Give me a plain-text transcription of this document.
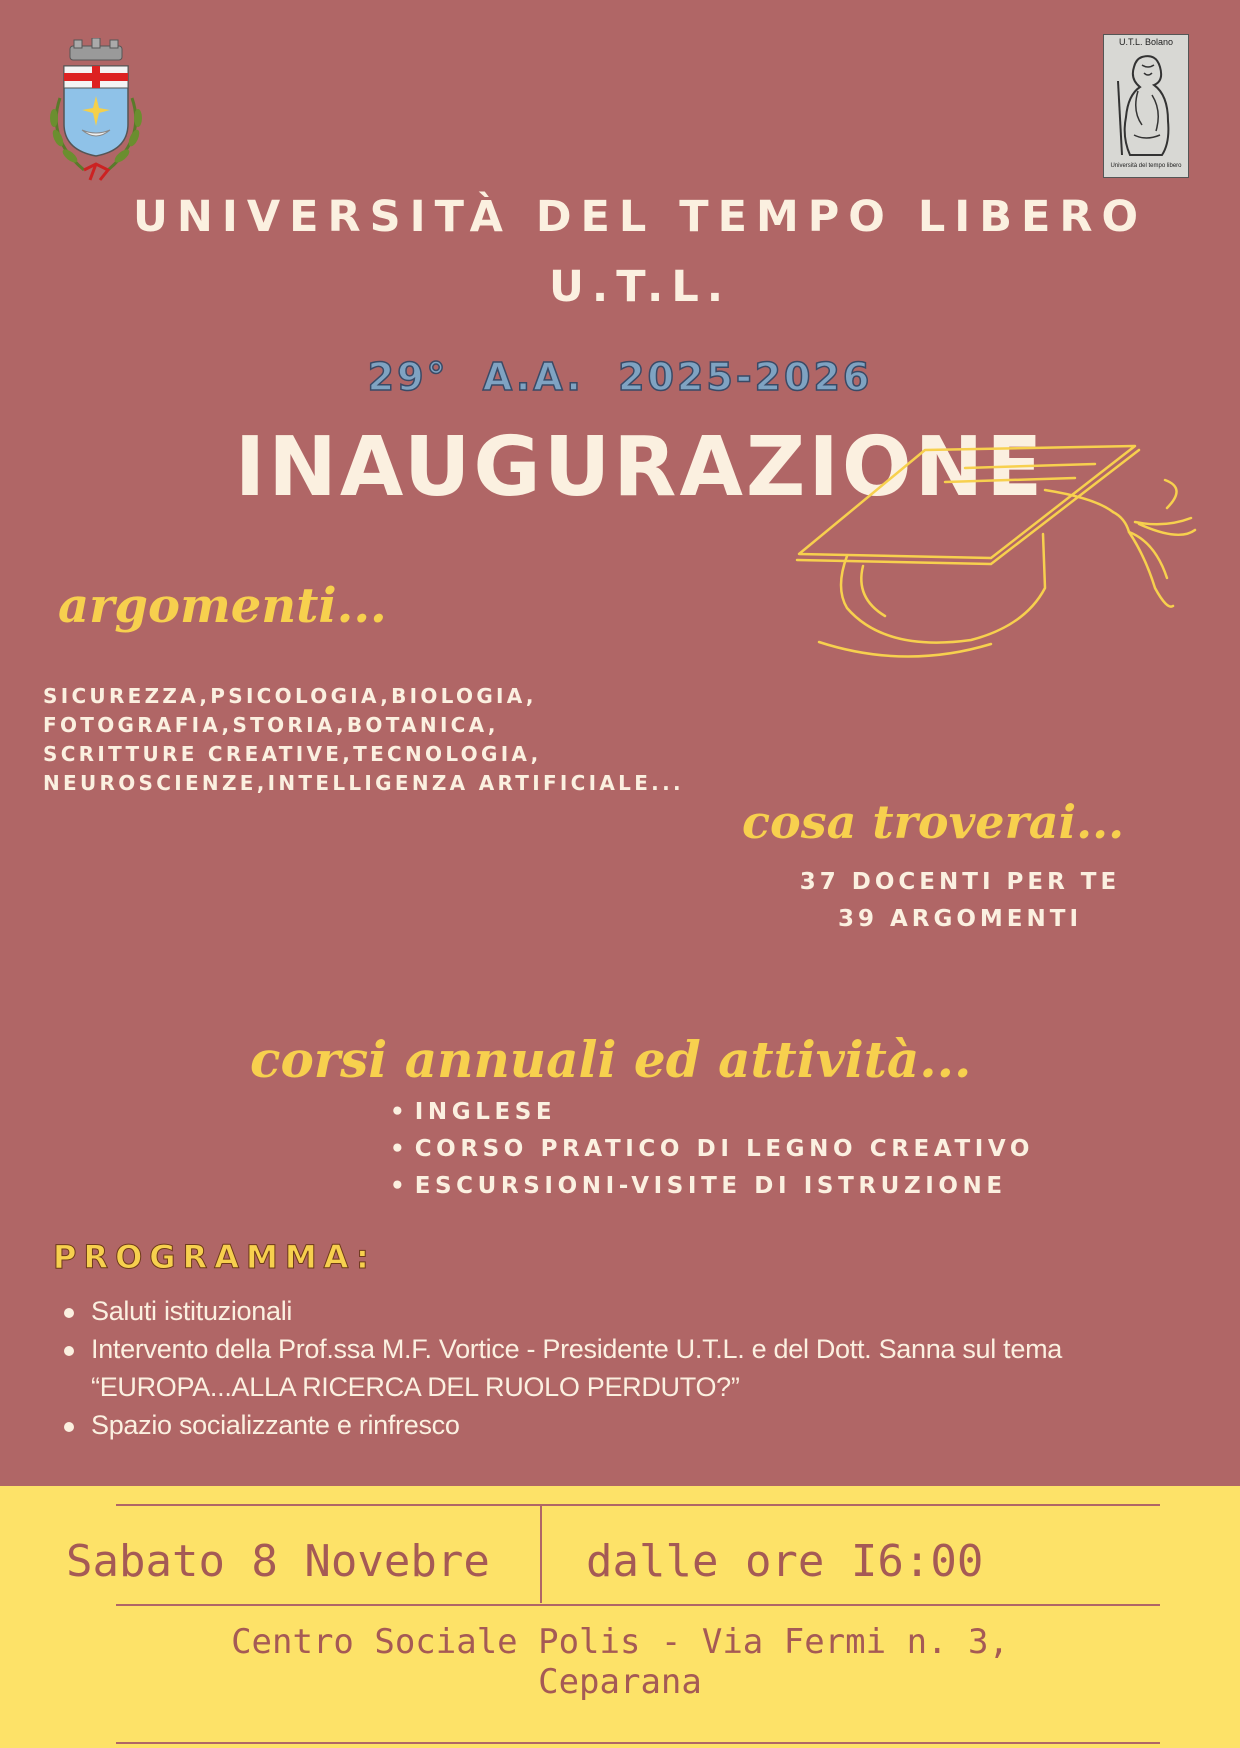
U.T.L. Bolano
Università del tempo libero
UNIVERSITÀ DEL TEMPO LIBERO
U.T.L.
29° A.A. 2025-2026
INAUGURAZIONE
argomenti...
SICUREZZA,PSICOLOGIA,BIOLOGIA,
FOTOGRAFIA,STORIA,BOTANICA,
SCRITTURE CREATIVE,TECNOLOGIA,
NEUROSCIENZE,INTELLIGENZA ARTIFICIALE...
cosa troverai...
37 DOCENTI PER TE
39 ARGOMENTI
corsi annuali ed attività...
• INGLESE
• CORSO PRATICO DI LEGNO CREATIVO
• ESCURSIONI-VISITE DI ISTRUZIONE
PROGRAMMA:
Saluti istituzionali
Intervento della Prof.ssa M.F. Vortice - Presidente U.T.L. e del Dott. Sanna sul tema “EUROPA...ALLA RICERCA DEL RUOLO PERDUTO?”
Spazio socializzante e rinfresco
Sabato 8 Novebre dalle ore I6:00
Centro Sociale Polis - Via Fermi n. 3,
Ceparana
